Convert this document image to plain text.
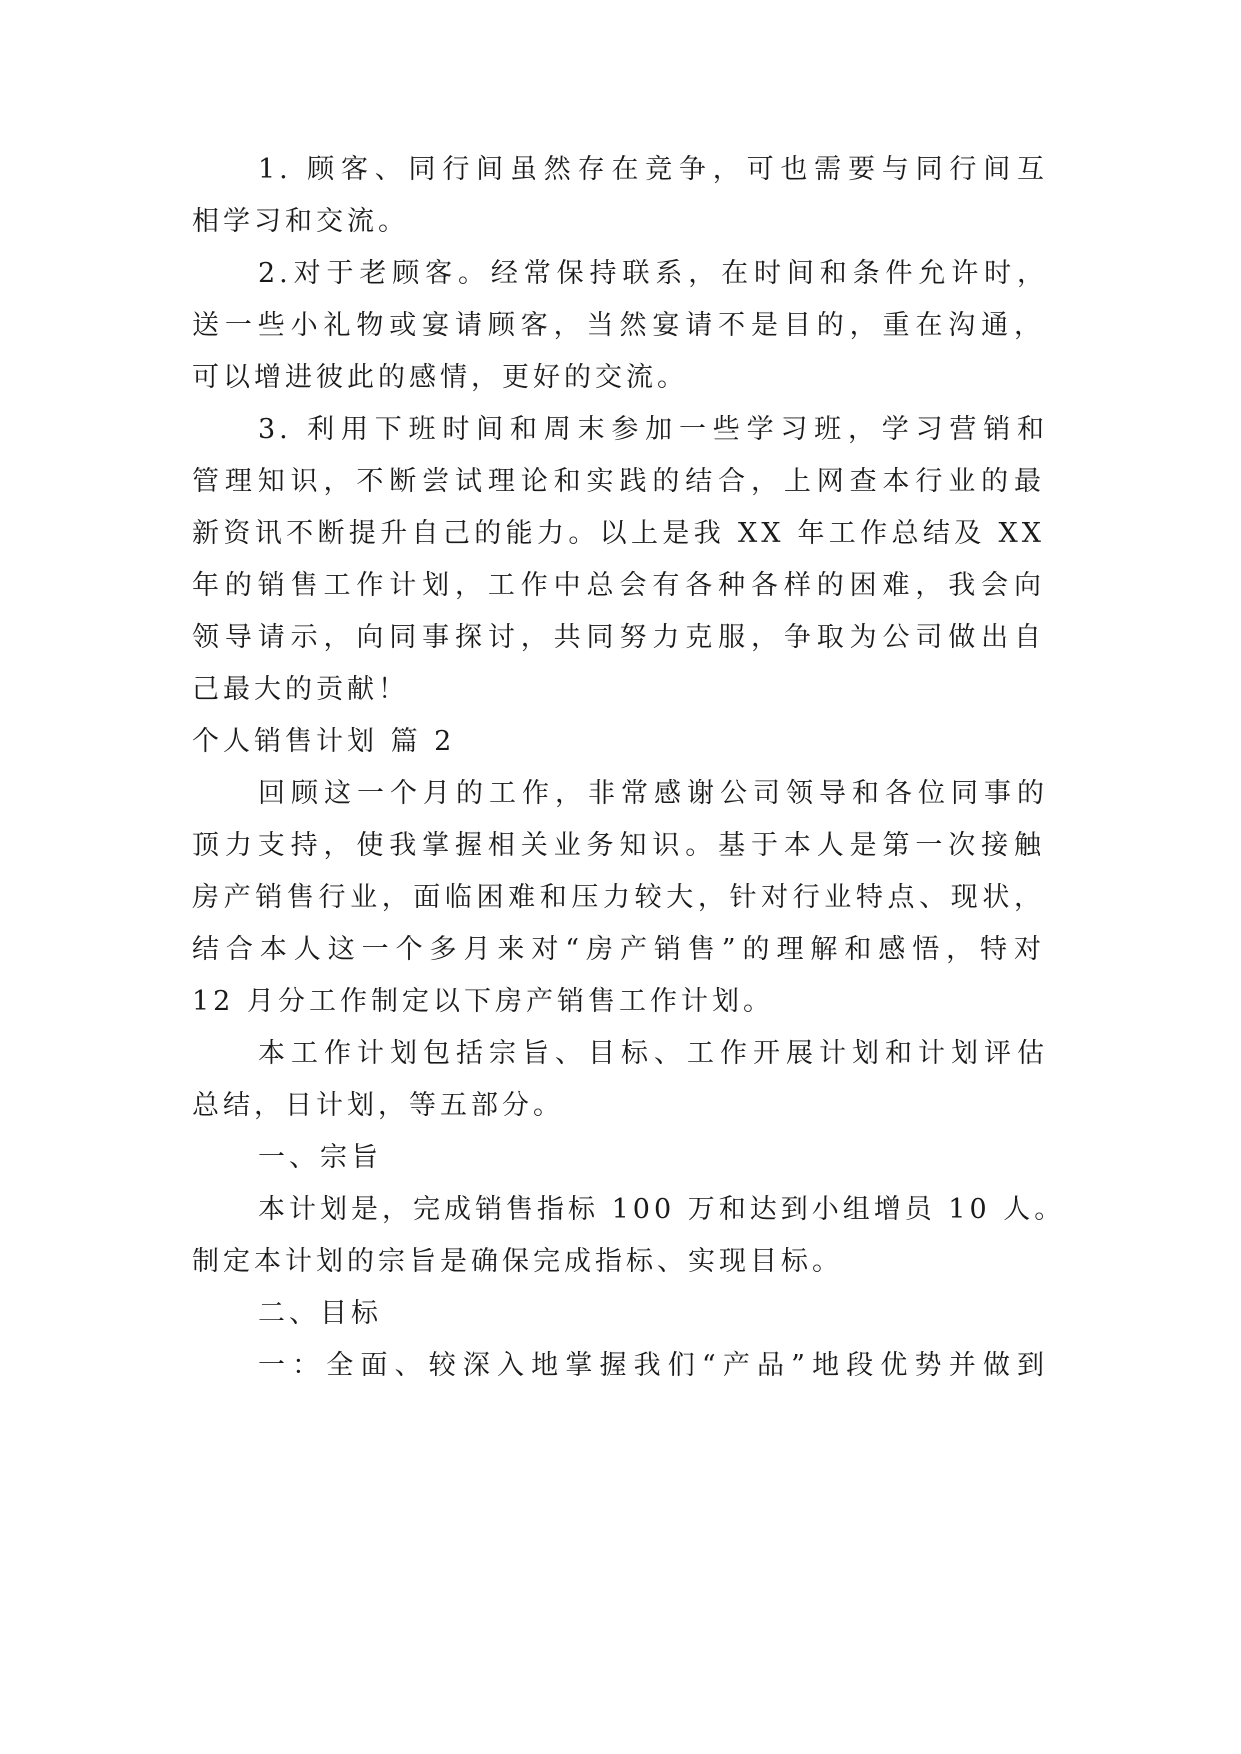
1. 顾客、同行间虽然存在竞争，可也需要与同行间互
相学习和交流。
2.对于老顾客。经常保持联系，在时间和条件允许时，
送一些小礼物或宴请顾客，当然宴请不是目的，重在沟通，
可以增进彼此的感情，更好的交流。
3. 利用下班时间和周末参加一些学习班，学习营销和
管理知识，不断尝试理论和实践的结合，上网查本行业的最
新资讯不断提升自己的能力。以上是我 XX 年工作总结及 XX
年的销售工作计划，工作中总会有各种各样的困难，我会向
领导请示，向同事探讨，共同努力克服，争取为公司做出自
己最大的贡献！
个人销售计划 篇 2
回顾这一个月的工作，非常感谢公司领导和各位同事的
顶力支持，使我掌握相关业务知识。基于本人是第一次接触
房产销售行业，面临困难和压力较大，针对行业特点、现状，
结合本人这一个多月来对“房产销售”的理解和感悟，特对
12 月分工作制定以下房产销售工作计划。
本工作计划包括宗旨、目标、工作开展计划和计划评估
总结，日计划，等五部分。
一、宗旨
本计划是，完成销售指标 100 万和达到小组增员 10 人。
制定本计划的宗旨是确保完成指标、实现目标。
二、目标
一：全面、较深入地掌握我们“产品”地段优势并做到
